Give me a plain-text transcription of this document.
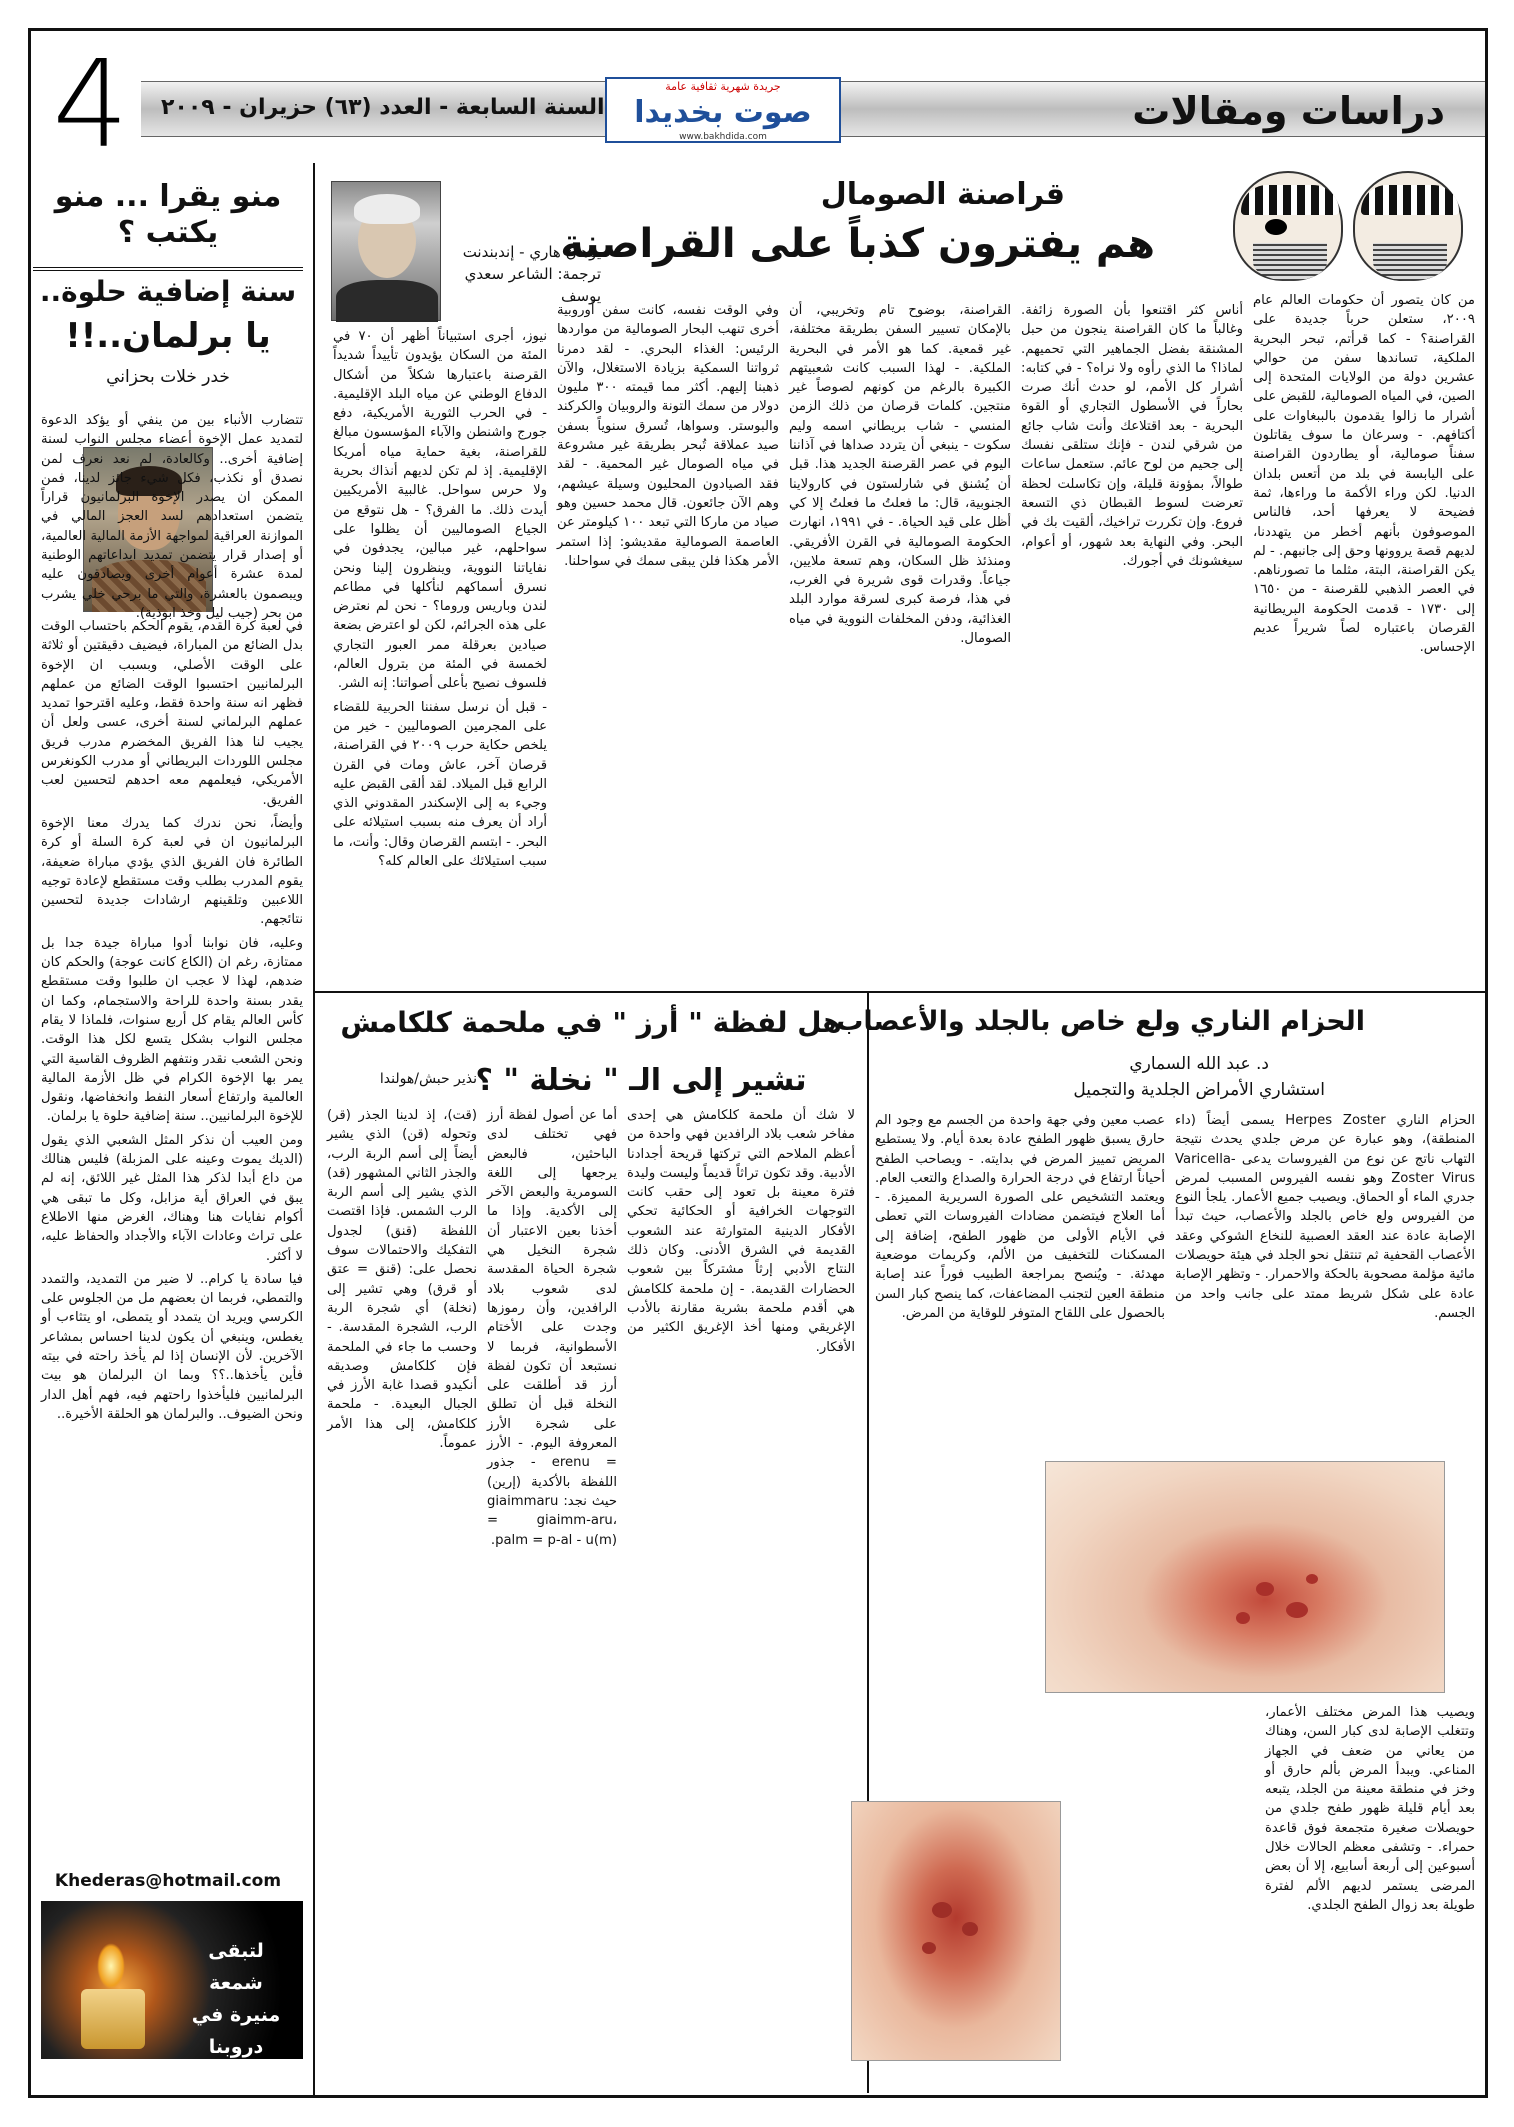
4	السنة السابعة - العدد (٦٣) حزيران - ٢٠٠٩
جريدة شهرية ثقافية عامة
صوت بخديدا
www.bakhdida.com
دراسات ومقالات
منو يقرا ... منو يكتب ؟
سنة إضافية حلوة..
يا برلمان..!!
خدر خلات بحزاني

تتضارب الأنباء بين من ينفي أو يؤكد الدعوة لتمديد عمل الإخوة أعضاء مجلس النواب لسنة إضافية أخرى.. وكالعادة، لم نعد نعرف لمن نصدق أو نكذب، فكل شيء جائز لدينا، فمن الممكن ان يصدر الإخوة البرلمانيون قراراً يتضمن استعدادهم لسد العجز المالي في الموازنة العراقية لمواجهة الأزمة المالية العالمية، أو إصدار قرار يتضمن تمديد ابداعاتهم الوطنية لمدة عشرة أعوام أخرى ويصادقون عليه ويبصمون بالعشرة، والتي ما برحي خلي يشرب من بحر (جيب ليل وخذ ابوذية).

في لعبة كرة القدم، يقوم الحكم باحتساب الوقت بدل الضائع من المباراة، فيضيف دقيقتين أو ثلاثة على الوقت الأصلي، وبسبب ان الإخوة البرلمانيين احتسبوا الوقت الضائع من عملهم فظهر انه سنة واحدة فقط، وعليه اقترحوا تمديد عملهم البرلماني لسنة أخرى، عسى ولعل أن يجيب لنا هذا الفريق المخضرم مدرب فريق مجلس اللوردات البريطاني أو مدرب الكونغرس الأمريكي، فيعلمهم معه احدهم لتحسين لعب الفريق.

وأيضاً، نحن ندرك كما يدرك معنا الإخوة البرلمانيون ان في لعبة كرة السلة أو كرة الطائرة فان الفريق الذي يؤدي مباراة ضعيفة، يقوم المدرب بطلب وقت مستقطع لإعادة توجيه اللاعبين وتلقينهم ارشادات جديدة لتحسين نتائجهم.

وعليه، فان نوابنا أدوا مباراة جيدة جدا بل ممتازة، رغم ان (الكاع كانت عوجة) والحكم كان ضدهم، لهذا لا عجب ان طلبوا وقت مستقطع يقدر بسنة واحدة للراحة والاستجمام، وكما ان كأس العالم يقام كل أربع سنوات، فلماذا لا يقام مجلس النواب بشكل يتسع لكل هذا الوقت. ونحن الشعب نقدر ونتفهم الظروف القاسية التي يمر بها الإخوة الكرام في ظل الأزمة المالية العالمية وارتفاع أسعار النفط وانخفاضها، ونقول للإخوة البرلمانيين.. سنة إضافية حلوة يا برلمان.

ومن العيب أن نذكر المثل الشعبي الذي يقول (الديك يموت وعينه على المزبلة) فليس هنالك من داع أبدا لذكر هذا المثل غير اللائق، إنه لم يبق في العراق أية مزابل، وكل ما تبقى هي أكوام نفايات هنا وهناك، الغرض منها الاطلاع على تراث وعادات الآباء والأجداد والحفاظ عليه، لا أكثر.

فيا سادة يا كرام.. لا ضير من التمديد، والتمدد والتمطي، فربما ان بعضهم مل من الجلوس على الكرسي ويريد ان يتمدد أو يتمطى، او يتثاءب أو يغطس، وينبغي أن يكون لدينا احساس بمشاعر الآخرين. لأن الإنسان إذا لم يأخذ راحته في بيته فأين يأخذها..؟؟ وبما ان البرلمان هو بيت البرلمانيين فليأخذوا راحتهم فيه، فهم أهل الدار ونحن الضيوف.. والبرلمان هو الحلقة الأخيرة..

Khederas@hotmail.com
لتبقى شمعة منيرة في دروبنا صوت بخديدا
قراصنة الصومال
هم يفترون كذباً على القراصنة
يوهان هاري - إندبندنت
ترجمة: الشاعر سعدي يوسف	من كان يتصور أن حكومات العالم عام ٢٠٠٩، ستعلن حرباً جديدة على القراصنة؟ - كما قرأتم، تبحر البحرية الملكية، تساندها سفن من حوالي عشرين دولة من الولايات المتحدة إلى الصين، في المياه الصومالية، للقبض على أشرار ما زالوا يقدمون بالببغاوات على أكتافهم. - وسرعان ما سوف يقاتلون سفناً صومالية، أو يطاردون القراصنة على اليابسة في بلد من أتعس بلدان الدنيا. لكن وراء الأكمة ما وراءها، ثمة فضيحة لا يعرفها أحد، فالناس الموصوفون بأنهم أخطر من يتهددنا، لديهم قصة يروونها وحق إلى جانبهم. - لم يكن القراصنة، البتة، مثلما ما تصورناهم. في العصر الذهبي للقرصنة - من ١٦٥٠ إلى ١٧٣٠ - قدمت الحكومة البريطانية القرصان باعتباره لصاً شريراً عديم الإحساس.

أناس كثر اقتنعوا بأن الصورة زائفة. وغالباً ما كان القراصنة ينجون من حبل المشنقة بفضل الجماهير التي تحميهم. لماذا؟ ما الذي رأوه ولا نراه؟ - في كتابه: أشرار كل الأمم، لو حدث أنك صرت بحاراً في الأسطول التجاري أو القوة البحرية - بعد اقتلاعك وأنت شاب جائع من شرقي لندن - فإنك ستلقى نفسك إلى جحيم من لوح عائم. ستعمل ساعات طوالاً، بمؤونة قليلة، وإن تكاسلت لحظة تعرضت لسوط القبطان ذي التسعة فروع. وإن تكررت تراخيك، ألقيت بك في البحر. وفي النهاية بعد شهور، أو أعوام، سيغشونك في أجورك.

القراصنة، بوضوح تام وتخريبي، أن بالإمكان تسيير السفن بطريقة مختلفة، غير قمعية. كما هو الأمر في البحرية الملكية. - لهذا السبب كانت شعبيتهم الكبيرة بالرغم من كونهم لصوصاً غير منتجين. كلمات قرصان من ذلك الزمن المنسي - شاب بريطاني اسمه وليم سكوت - ينبغي أن يتردد صداها في آذاننا اليوم في عصر القرصنة الجديد هذا. قبل أن يُشنق في شارلستون في كارولاينا الجنوبية، قال: ما فعلتُ ما فعلتُ إلا كي أظل على قيد الحياة. - في ١٩٩١، انهارت الحكومة الصومالية في القرن الأفريقي. ومنذئذ ظل السكان، وهم تسعة ملايين، جياعاً. وقدرات قوى شريرة في الغرب، في هذا، فرصة كبرى لسرقة موارد البلد الغذائية، ودفن المخلفات النووية في مياه الصومال.

وفي الوقت نفسه، كانت سفن أوروبية أخرى تنهب البحار الصومالية من مواردها الرئيس: الغذاء البحري. - لقد دمرنا ثرواتنا السمكية بزيادة الاستغلال، والآن ذهبنا إليهم. أكثر مما قيمته ٣٠٠ مليون دولار من سمك التونة والروبيان والكركند والبوستر. وسواها، تُسرق سنوياً بسفن صيد عملاقة تُبحر بطريقة غير مشروعة في مياه الصومال غير المحمية. - لقد فقد الصيادون المحليون وسيلة عيشهم، وهم الآن جائعون. قال محمد حسين وهو صياد من ماركا التي تبعد ١٠٠ كيلومتر عن العاصمة الصومالية مقديشو: إذا استمر الأمر هكذا فلن يبقى سمك في سواحلنا.

نيوز، أجرى استبياناً أظهر أن ٧٠ في المئة من السكان يؤيدون تأييداً شديداً القرصنة باعتبارها شكلاً من أشكال الدفاع الوطني عن مياه البلد الإقليمية. - في الحرب الثورية الأمريكية، دفع جورج واشنطن والآباء المؤسسون مبالغ للقراصنة، بغية حماية مياه أمريكا الإقليمية. إذ لم تكن لديهم أنذاك بحرية ولا حرس سواحل. غالبية الأمريكيين أيدت ذلك. ما الفرق؟ - هل نتوقع من الجياع الصوماليين أن يظلوا على سواحلهم، غير مبالين، يجدفون في نفاياتنا النووية، وينظرون إلينا ونحن نسرق أسماكهم لنأكلها في مطاعم لندن وباريس وروما؟ - نحن لم نعترض على هذه الجرائم، لكن لو اعترض بضعة صيادين بعرقلة ممر العبور التجاري لخمسة في المئة من بترول العالم، فلسوف نصيح بأعلى أصواتنا: إنه الشر.

- قبل أن نرسل سفننا الحربية للقضاء على المجرمين الصوماليين - خير من يلخص حكاية حرب ٢٠٠٩ في القراصنة، قرصان آخر، عاش ومات في القرن الرابع قبل الميلاد. لقد ألقى القبض عليه وجيء به إلى الإسكندر المقدوني الذي أراد أن يعرف منه بسبب استيلائه على البحر. - ابتسم القرصان وقال: وأنت، ما سبب استيلائك على العالم كله؟

الحزام الناري ولع خاص بالجلد والأعصاب
د. عبد الله السماري
استشاري الأمراض الجلدية والتجميل

الحزام الناري Herpes Zoster يسمى أيضاً (داء المنطقة)، وهو عبارة عن مرض جلدي يحدث نتيجة التهاب ناتج عن نوع من الفيروسات يدعى Varicella-Zoster Virus وهو نفسه الفيروس المسبب لمرض جدري الماء أو الحماق. ويصيب جميع الأعمار. يلجأ النوع من الفيروس ولع خاص بالجلد والأعصاب، حيث تبدأ الإصابة عادة عند العقد العصبية للنخاع الشوكي وعقد الأعصاب القحفية ثم تنتقل نحو الجلد في هيئة حويصلات مائية مؤلمة مصحوبة بالحكة والاحمرار. - وتظهر الإصابة عادة على شكل شريط ممتد على جانب واحد من الجسم.

ويصيب هذا المرض مختلف الأعمار، وتتغلب الإصابة لدى كبار السن، وهناك من يعاني من ضعف في الجهاز المناعي. ويبدأ المرض بألم حارق أو وخز في منطقة معينة من الجلد، يتبعه بعد أيام قليلة ظهور طفح جلدي من حويصلات صغيرة متجمعة فوق قاعدة حمراء. - وتشفى معظم الحالات خلال أسبوعين إلى أربعة أسابيع، إلا أن بعض المرضى يستمر لديهم الألم لفترة طويلة بعد زوال الطفح الجلدي.

عصب معين وفي جهة واحدة من الجسم مع وجود الم حارق يسبق ظهور الطفح عادة بعدة أيام. ولا يستطيع المريض تمييز المرض في بدايته. - ويصاحب الطفح أحياناً ارتفاع في درجة الحرارة والصداع والتعب العام. ويعتمد التشخيص على الصورة السريرية المميزة. - أما العلاج فيتضمن مضادات الفيروسات التي تعطى في الأيام الأولى من ظهور الطفح، إضافة إلى المسكنات للتخفيف من الألم، وكريمات موضعية مهدئة. - ويُنصح بمراجعة الطبيب فوراً عند إصابة منطقة العين لتجنب المضاعفات، كما ينصح كبار السن بالحصول على اللقاح المتوفر للوقاية من المرض.

هل لفظة " أرز " في ملحمة كلكامش
تشير إلى الـ " نخلة " ؟
نذير حبش/هولندا

لا شك أن ملحمة كلكامش هي إحدى مفاخر شعب بلاد الرافدين فهي واحدة من أعظم الملاحم التي تركتها قريحة أجدادنا الأدبية. وقد تكون تراثاً قديماً وليست وليدة فترة معينة بل تعود إلى حقب كانت التوجهات الخرافية أو الحكائية تحكي الأفكار الدينية المتوارثة عند الشعوب القديمة في الشرق الأدنى. وكان ذلك النتاج الأدبي إرثاً مشتركاً بين شعوب الحضارات القديمة. - إن ملحمة كلكامش هي أقدم ملحمة بشرية مقارنة بالأدب الإغريقي ومنها أخذ الإغريق الكثير من الأفكار.

(قت)، إذ لدينا الجذر (قر) وتحوله (قن) الذي يشير أيضاً إلى أسم الربة الرب، والجذر الثاني المشهور (قد) الذي يشير إلى أسم الربة الرب الشمس. فإذا اقتصت اللفظة (قنق) لجدول التفكيك والاحتمالات سوف نحصل على: (قنق = عتق أو قرق) وهي تشير إلى (نخلة) أي شجرة الربة الرب، الشجرة المقدسة. - وحسب ما جاء في الملحمة فإن كلكامش وصديقه أنكيدو قصدا غابة الأرز في الجبال البعيدة. - ملحمة كلكامش، إلى هذا الأمر عموماً.

أما عن أصول لفظة أرز فهي تختلف لدى الباحثين، فالبعض يرجعها إلى اللغة السومرية والبعض الآخر إلى الأكدية. وإذا ما أخذنا بعين الاعتبار أن شجرة النخيل هي شجرة الحياة المقدسة لدى شعوب بلاد الرافدين، وأن رموزها وجدت على الأختام الأسطوانية، فربما لا نستبعد أن تكون لفظة أرز قد أطلقت على النخلة قبل أن تطلق على شجرة الأرز المعروفة اليوم. - الأرز = erenu - جذور اللفظة بالأكدية (إرين) حيث نجد: giaimmaru = giaimm-aru، palm = p-al - u(m).
